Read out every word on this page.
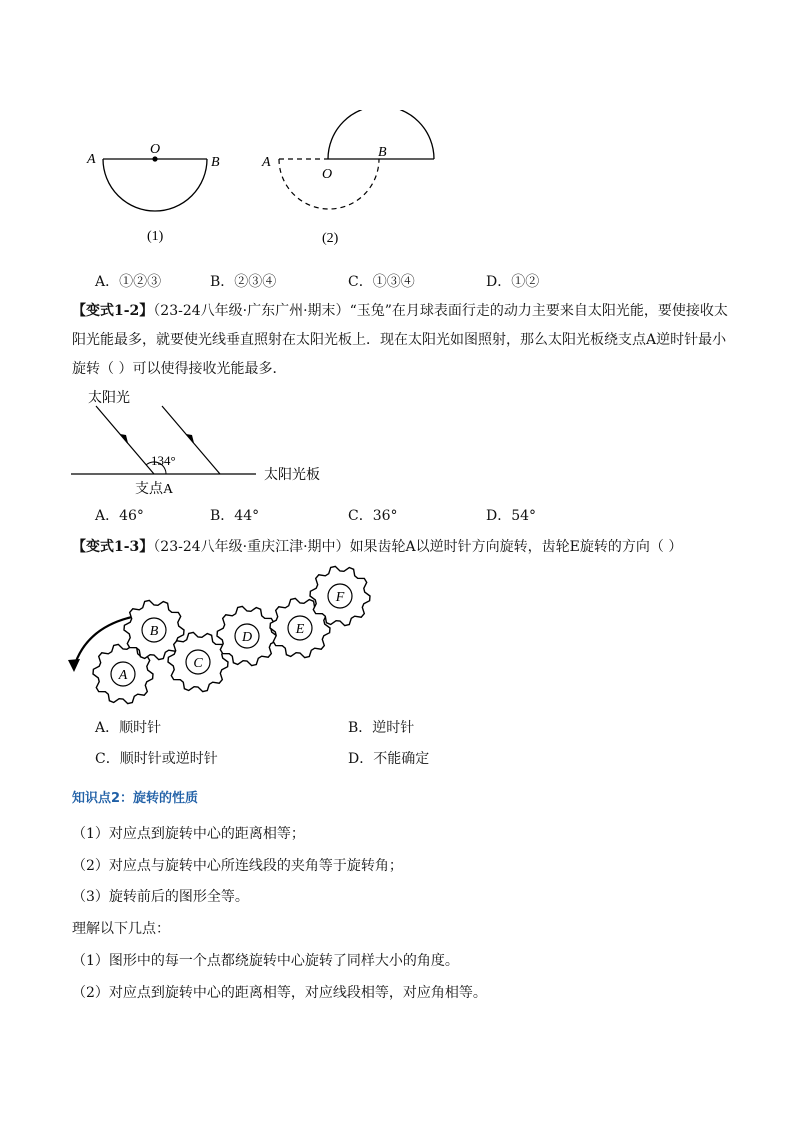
A
O
B
(1)
A
O
B
(2)
A．①②③	B．②③④	C．①③④	D．①②
【变式1-2】（23-24八年级·广东广州·期末）“玉兔”在月球表面行走的动力主要来自太阳光能，要使接收太
阳光能最多，就要使光线垂直照射在太阳光板上．现在太阳光如图照射，那么太阳光板绕支点A逆时针最小
旋转（ ）可以使得接收光能最多．
太阳光
134°
支点A
太阳光板
A．46°	B．44°	C．36°	D．54°
【变式1-3】（23-24八年级·重庆江津·期中）如果齿轮A以逆时针方向旋转，齿轮E旋转的方向（ ）
A
B
C
D
E
F
A．顺时针	B．逆时针
C．顺时针或逆时针	D．不能确定
知识点2：旋转的性质
（1）对应点到旋转中心的距离相等；
（2）对应点与旋转中心所连线段的夹角等于旋转角；
（3）旋转前后的图形全等。
理解以下几点：
（1）图形中的每一个点都绕旋转中心旋转了同样大小的角度。
（2）对应点到旋转中心的距离相等，对应线段相等，对应角相等。
